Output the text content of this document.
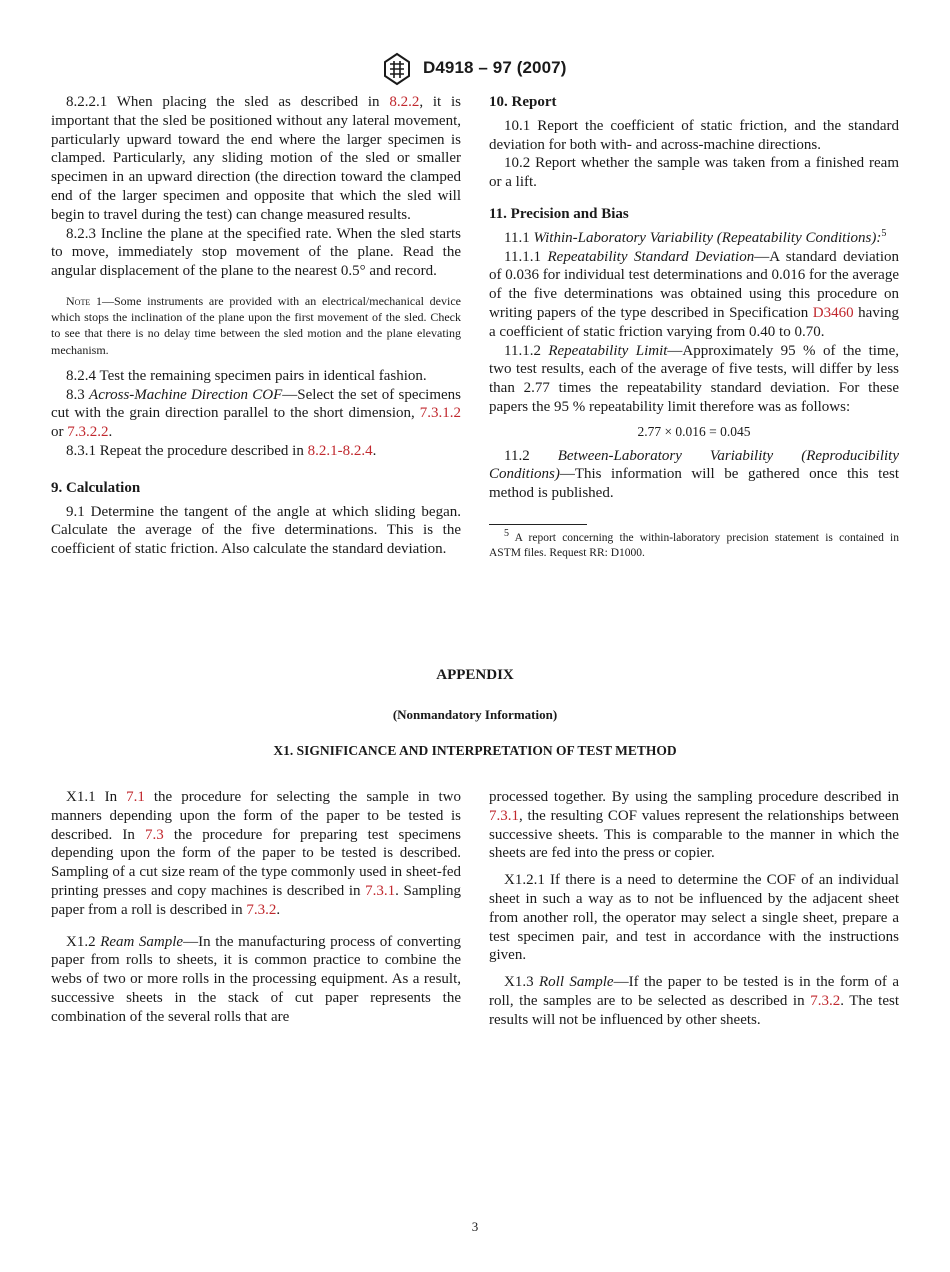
D4918 – 97 (2007)

8.2.2.1 When placing the sled as described in 8.2.2, it is important that the sled be positioned without any lateral movement, particularly upward toward the end where the larger specimen is clamped. Particularly, any sliding motion of the sled or smaller specimen in an upward direction (the direction toward the clamped end of the larger specimen and opposite that which the sled will begin to travel during the test) can change measured results.

8.2.3 Incline the plane at the specified rate. When the sled starts to move, immediately stop movement of the plane. Read the angular displacement of the plane to the nearest 0.5° and record.

Note 1—Some instruments are provided with an electrical/mechanical device which stops the inclination of the plane upon the first movement of the sled. Check to see that there is no delay time between the sled motion and the plane elevating mechanism.

8.2.4 Test the remaining specimen pairs in identical fashion.

8.3 Across-Machine Direction COF—Select the set of specimens cut with the grain direction parallel to the short dimension, 7.3.1.2 or 7.3.2.2.

8.3.1 Repeat the procedure described in 8.2.1-8.2.4.

9. Calculation

9.1 Determine the tangent of the angle at which sliding began. Calculate the average of the five determinations. This is the coefficient of static friction. Also calculate the standard deviation.

10. Report

10.1 Report the coefficient of static friction, and the standard deviation for both with- and across-machine directions.

10.2 Report whether the sample was taken from a finished ream or a lift.

11. Precision and Bias

11.1 Within-Laboratory Variability (Repeatability Conditions):$^5$

11.1.1 Repeatability Standard Deviation—A standard deviation of 0.036 for individual test determinations and 0.016 for the average of the five determinations was obtained using this procedure on writing papers of the type described in Specification D3460 having a coefficient of static friction varying from 0.40 to 0.70.

11.1.2 Repeatability Limit—Approximately 95 % of the time, two test results, each of the average of five tests, will differ by less than 2.77 times the repeatability standard deviation. For these papers the 95 % repeatability limit therefore was as follows:

2.77 × 0.016 = 0.045

11.2 Between-Laboratory Variability (Reproducibility Conditions)—This information will be gathered once this test method is published.

$^5$ A report concerning the within-laboratory precision statement is contained in ASTM files. Request RR: D1000.

APPENDIX
(Nonmandatory Information)
X1. SIGNIFICANCE AND INTERPRETATION OF TEST METHOD

X1.1 In 7.1 the procedure for selecting the sample in two manners depending upon the form of the paper to be tested is described. In 7.3 the procedure for preparing test specimens depending upon the form of the paper to be tested is described. Sampling of a cut size ream of the type commonly used in sheet-fed printing presses and copy machines is described in 7.3.1. Sampling paper from a roll is described in 7.3.2.

X1.2 Ream Sample—In the manufacturing process of converting paper from rolls to sheets, it is common practice to combine the webs of two or more rolls in the processing equipment. As a result, successive sheets in the stack of cut paper represents the combination of the several rolls that are

processed together. By using the sampling procedure described in 7.3.1, the resulting COF values represent the relationships between successive sheets. This is comparable to the manner in which the sheets are fed into the press or copier.

X1.2.1 If there is a need to determine the COF of an individual sheet in such a way as to not be influenced by the adjacent sheet from another roll, the operator may select a single sheet, prepare a test specimen pair, and test in accordance with the instructions given.

X1.3 Roll Sample—If the paper to be tested is in the form of a roll, the samples are to be selected as described in 7.3.2. The test results will not be influenced by other sheets.

3
